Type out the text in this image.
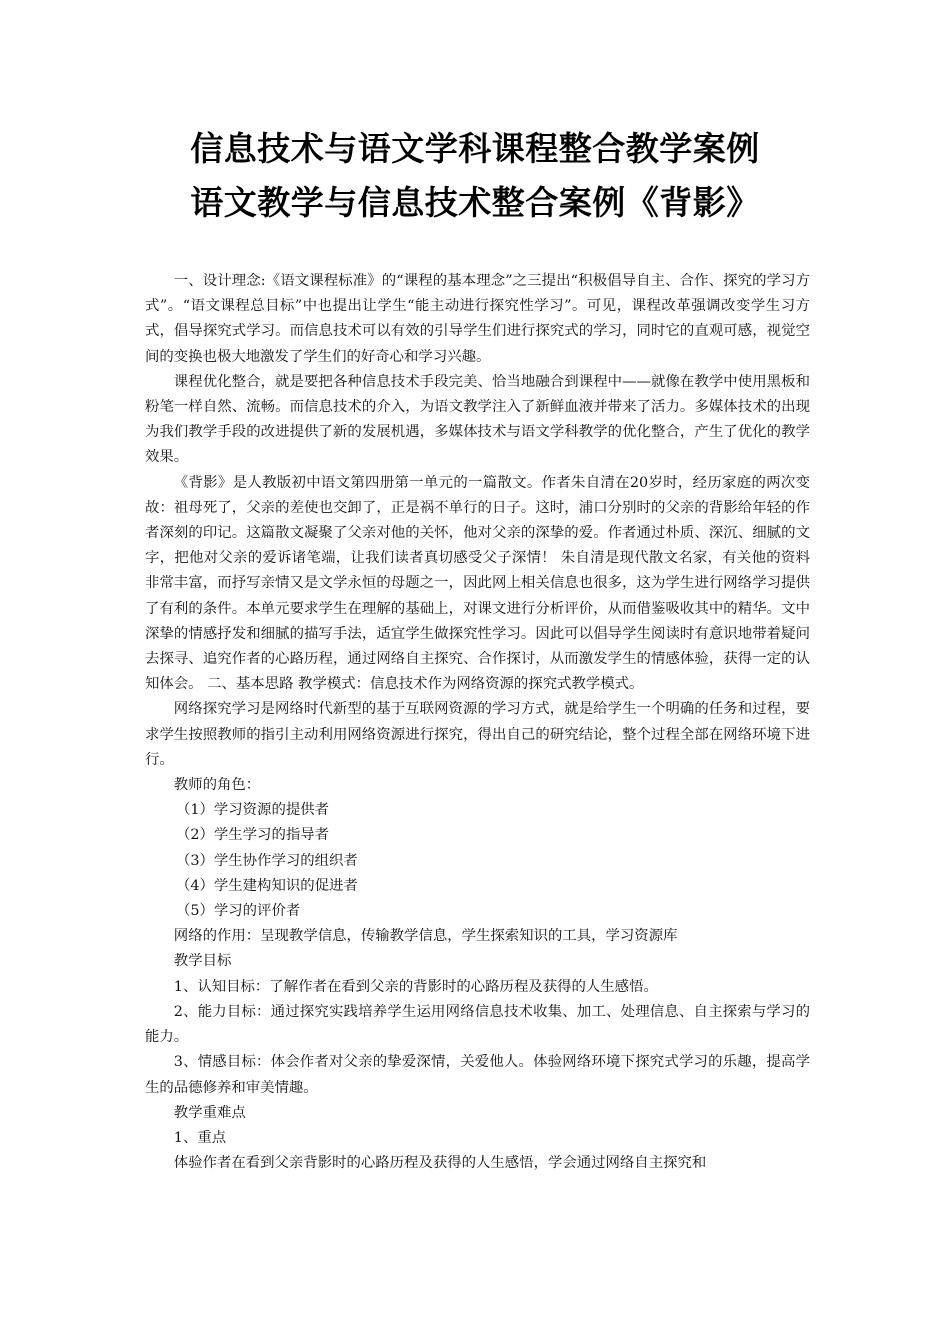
信息技术与语文学科课程整合教学案例

语文教学与信息技术整合案例《背影》

一、设计理念:《语文课程标准》的“课程的基本理念”之三提出“积极倡导自主、合作、探究的学习方式”。“语文课程总目标”中也提出让学生“能主动进行探究性学习”。可见，课程改革强调改变学生习方式，倡导探究式学习。而信息技术可以有效的引导学生们进行探究式的学习，同时它的直观可感，视觉空间的变换也极大地激发了学生们的好奇心和学习兴趣。

课程优化整合，就是要把各种信息技术手段完美、恰当地融合到课程中——就像在教学中使用黑板和粉笔一样自然、流畅。而信息技术的介入，为语文教学注入了新鲜血液并带来了活力。多媒体技术的出现为我们教学手段的改进提供了新的发展机遇，多媒体技术与语文学科教学的优化整合，产生了优化的教学效果。

《背影》是人教版初中语文第四册第一单元的一篇散文。作者朱自清在20岁时，经历家庭的两次变故：祖母死了，父亲的差使也交卸了，正是祸不单行的日子。这时，浦口分别时的父亲的背影给年轻的作者深刻的印记。这篇散文凝聚了父亲对他的关怀，他对父亲的深挚的爱。作者通过朴质、深沉、细腻的文字，把他对父亲的爱诉诸笔端，让我们读者真切感受父子深情！ 朱自清是现代散文名家，有关他的资料非常丰富，而抒写亲情又是文学永恒的母题之一，因此网上相关信息也很多，这为学生进行网络学习提供了有利的条件。本单元要求学生在理解的基础上，对课文进行分析评价，从而借鉴吸收其中的精华。文中深挚的情感抒发和细腻的描写手法，适宜学生做探究性学习。因此可以倡导学生阅读时有意识地带着疑问去探寻、追究作者的心路历程，通过网络自主探究、合作探讨，从而激发学生的情感体验，获得一定的认知体会。 二、基本思路 教学模式：信息技术作为网络资源的探究式教学模式。

网络探究学习是网络时代新型的基于互联网资源的学习方式，就是给学生一个明确的任务和过程，要求学生按照教师的指引主动利用网络资源进行探究，得出自己的研究结论，整个过程全部在网络环境下进行。

教师的角色：

（1）学习资源的提供者

（2）学生学习的指导者

（3）学生协作学习的组织者

（4）学生建构知识的促进者

（5）学习的评价者

网络的作用：呈现教学信息，传输教学信息，学生探索知识的工具，学习资源库

教学目标

1、认知目标：了解作者在看到父亲的背影时的心路历程及获得的人生感悟。

2、能力目标：通过探究实践培养学生运用网络信息技术收集、加工、处理信息、自主探索与学习的能力。

3、情感目标：体会作者对父亲的挚爱深情，关爱他人。体验网络环境下探究式学习的乐趣，提高学生的品德修养和审美情趣。

教学重难点

1、重点

体验作者在看到父亲背影时的心路历程及获得的人生感悟，学会通过网络自主探究和
